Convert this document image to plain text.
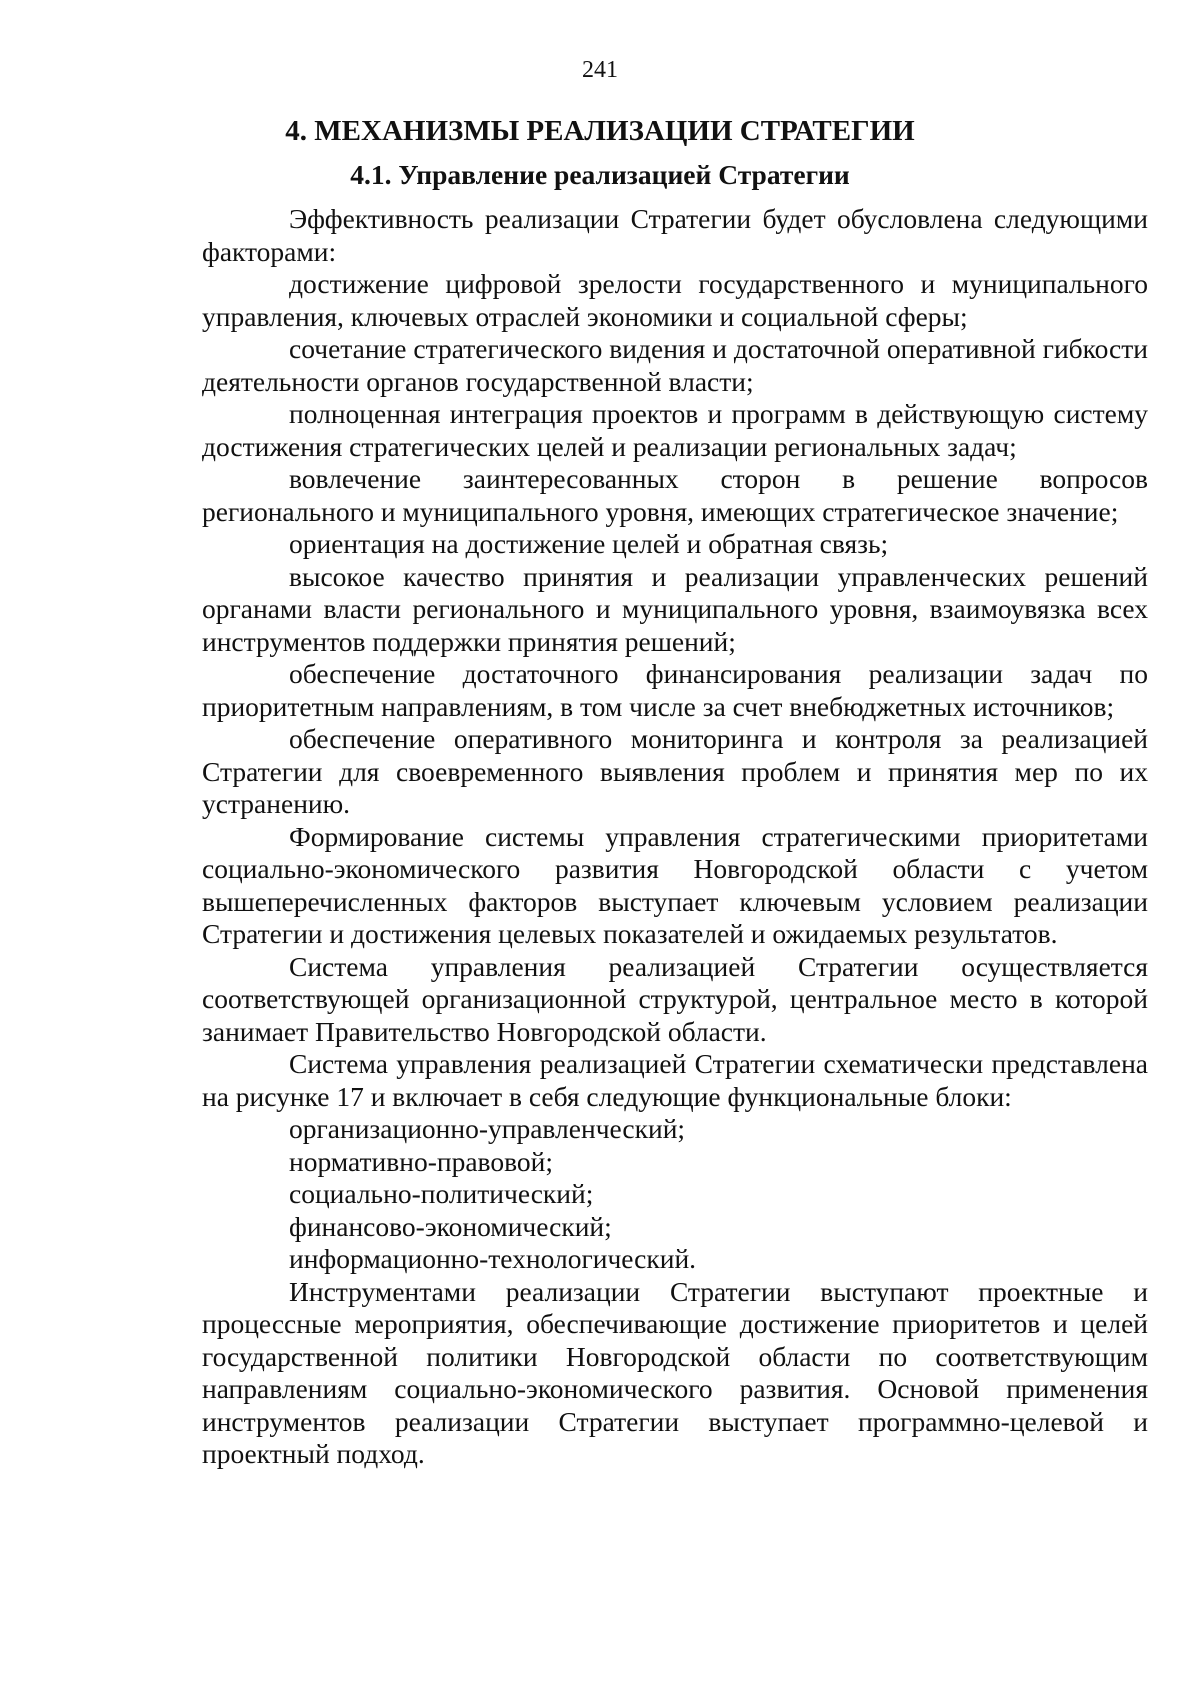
241
4. МЕХАНИЗМЫ РЕАЛИЗАЦИИ СТРАТЕГИИ
4.1. Управление реализацией Стратегии

Эффективность реализации Стратегии будет обусловлена следующими факторами:

достижение цифровой зрелости государственного и муниципального управления, ключевых отраслей экономики и социальной сферы;

сочетание стратегического видения и достаточной оперативной гибкости деятельности органов государственной власти;

полноценная интеграция проектов и программ в действующую систему достижения стратегических целей и реализации региональных задач;

вовлечение заинтересованных сторон в решение вопросов регионального и муниципального уровня, имеющих стратегическое значение;

ориентация на достижение целей и обратная связь;

высокое качество принятия и реализации управленческих решений органами власти регионального и муниципального уровня, взаимоувязка всех инструментов поддержки принятия решений;

обеспечение достаточного финансирования реализации задач по приоритетным направлениям, в том числе за счет внебюджетных источников;

обеспечение оперативного мониторинга и контроля за реализацией Стратегии для своевременного выявления проблем и принятия мер по их устранению.

Формирование системы управления стратегическими приоритетами социально-экономического развития Новгородской области с учетом вышеперечисленных факторов выступает ключевым условием реализации Стратегии и достижения целевых показателей и ожидаемых результатов.

Система управления реализацией Стратегии осуществляется соответствующей организационной структурой, центральное место в которой занимает Правительство Новгородской области.

Система управления реализацией Стратегии схематически представлена на рисунке 17 и включает в себя следующие функциональные блоки:

организационно-управленческий;

нормативно-правовой;

социально-политический;

финансово-экономический;

информационно-технологический.

Инструментами реализации Стратегии выступают проектные и процессные мероприятия, обеспечивающие достижение приоритетов и целей государственной политики Новгородской области по соответствующим направлениям социально-экономического развития. Основой применения инструментов реализации Стратегии выступает программно-целевой и проектный подход.
